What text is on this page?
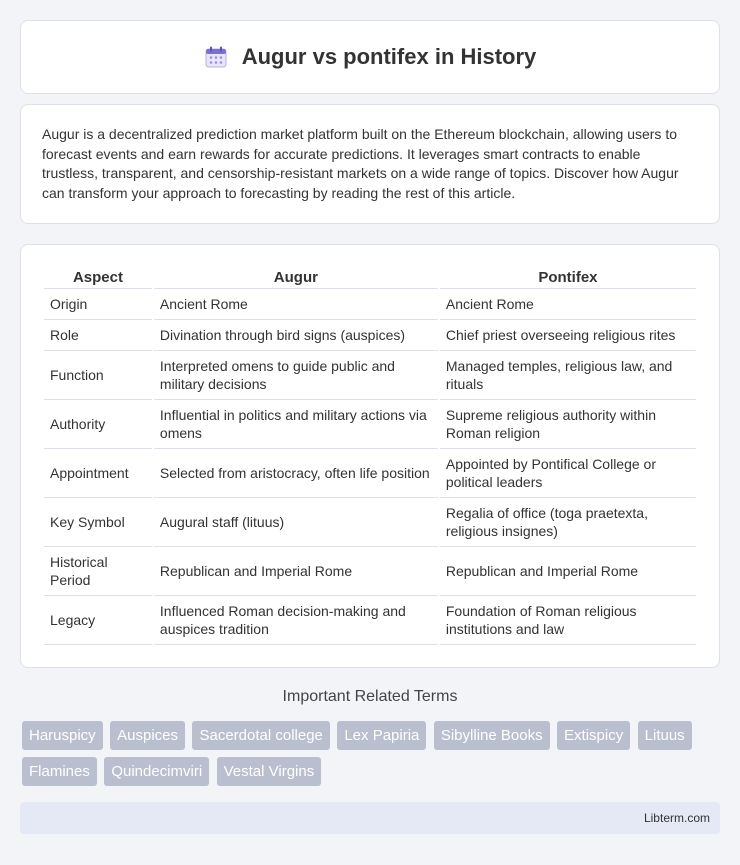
Augur vs pontifex in History

Augur is a decentralized prediction market platform built on the Ethereum blockchain, allowing users to forecast events and earn rewards for accurate predictions. It leverages smart contracts to enable trustless, transparent, and censorship-resistant markets on a wide range of topics. Discover how Augur can transform your approach to forecasting by reading the rest of this article.

Aspect	Augur	Pontifex
Origin	Ancient Rome	Ancient Rome
Role	Divination through bird signs (auspices)	Chief priest overseeing religious rites
Function	Interpreted omens to guide public and military decisions	Managed temples, religious law, and rituals
Authority	Influential in politics and military actions via omens	Supreme religious authority within Roman religion
Appointment	Selected from aristocracy, often life position	Appointed by Pontifical College or political leaders
Key Symbol	Augural staff (lituus)	Regalia of office (toga praetexta, religious insignes)
Historical Period	Republican and Imperial Rome	Republican and Imperial Rome
Legacy	Influenced Roman decision-making and auspices tradition	Foundation of Roman religious institutions and law
Important Related Terms
Haruspicy Auspices Sacerdotal college Lex Papiria Sibylline Books Extispicy Lituus Flamines Quindecimviri Vestal Virgins
Libterm.com
